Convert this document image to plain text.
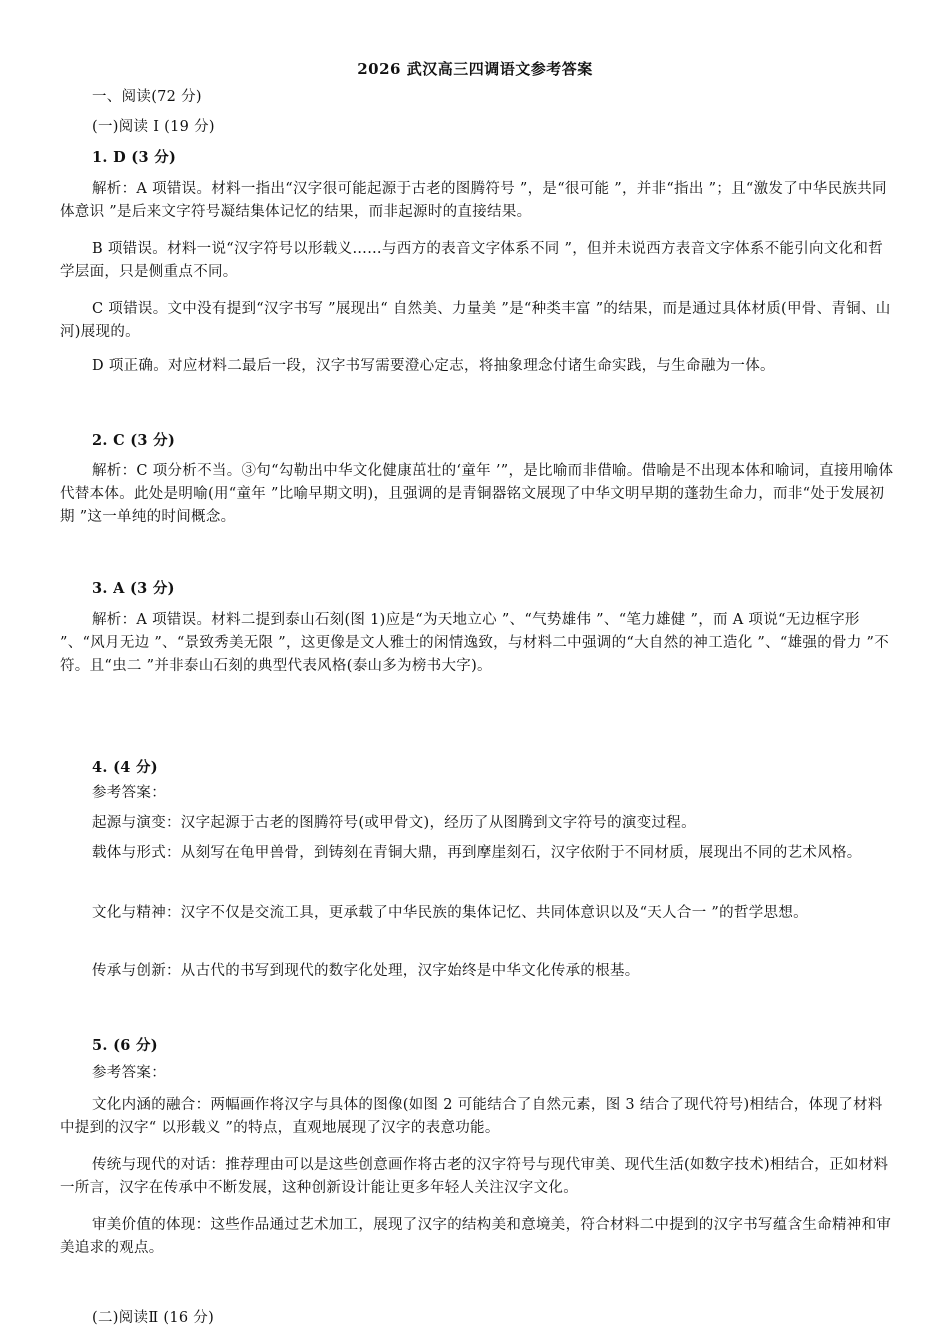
2026 武汉高三四调语文参考答案
一、阅读(72 分)
(一)阅读 Ⅰ (19 分)
1. D (3 分)
解析：A 项错误。材料一指出“汉字很可能起源于古老的图腾符号 ”，是“很可能 ”，并非“指出 ”；且“激发了中华民族共同体意识 ”是后来文字符号凝结集体记忆的结果，而非起源时的直接结果。
B 项错误。材料一说“汉字符号以形载义……与西方的表音文字体系不同 ”，但并未说西方表音文字体系不能引向文化和哲学层面，只是侧重点不同。
C 项错误。文中没有提到“汉字书写 ”展现出“ 自然美、力量美 ”是“种类丰富 ”的结果，而是通过具体材质(甲骨、青铜、山河)展现的。
D 项正确。对应材料二最后一段，汉字书写需要澄心定志，将抽象理念付诸生命实践，与生命融为一体。
2. C (3 分)
解析：C 项分析不当。③句“勾勒出中华文化健康茁壮的‘童年 ’”，是比喻而非借喻。借喻是不出现本体和喻词，直接用喻体代替本体。此处是明喻(用“童年 ”比喻早期文明)，且强调的是青铜器铭文展现了中华文明早期的蓬勃生命力，而非“处于发展初期 ”这一单纯的时间概念。
3. A (3 分)
解析：A 项错误。材料二提到泰山石刻(图 1)应是“为天地立心 ”、“气势雄伟 ”、“笔力雄健 ”，而 A 项说“无边框字形 ”、“风月无边 ”、“景致秀美无限 ”，这更像是文人雅士的闲情逸致，与材料二中强调的“大自然的神工造化 ”、“雄强的骨力 ”不符。且“虫二 ”并非泰山石刻的典型代表风格(泰山多为榜书大字)。
4. (4 分)
参考答案：
起源与演变：汉字起源于古老的图腾符号(或甲骨文)，经历了从图腾到文字符号的演变过程。
载体与形式：从刻写在龟甲兽骨，到铸刻在青铜大鼎，再到摩崖刻石，汉字依附于不同材质，展现出不同的艺术风格。
文化与精神：汉字不仅是交流工具，更承载了中华民族的集体记忆、共同体意识以及“天人合一 ”的哲学思想。
传承与创新：从古代的书写到现代的数字化处理，汉字始终是中华文化传承的根基。
5. (6 分)
参考答案：
文化内涵的融合：两幅画作将汉字与具体的图像(如图 2 可能结合了自然元素，图 3 结合了现代符号)相结合，体现了材料中提到的汉字“ 以形载义 ”的特点，直观地展现了汉字的表意功能。
传统与现代的对话：推荐理由可以是这些创意画作将古老的汉字符号与现代审美、现代生活(如数字技术)相结合，正如材料一所言，汉字在传承中不断发展，这种创新设计能让更多年轻人关注汉字文化。
审美价值的体现：这些作品通过艺术加工，展现了汉字的结构美和意境美，符合材料二中提到的汉字书写蕴含生命精神和审美追求的观点。
(二)阅读Ⅱ (16 分)
